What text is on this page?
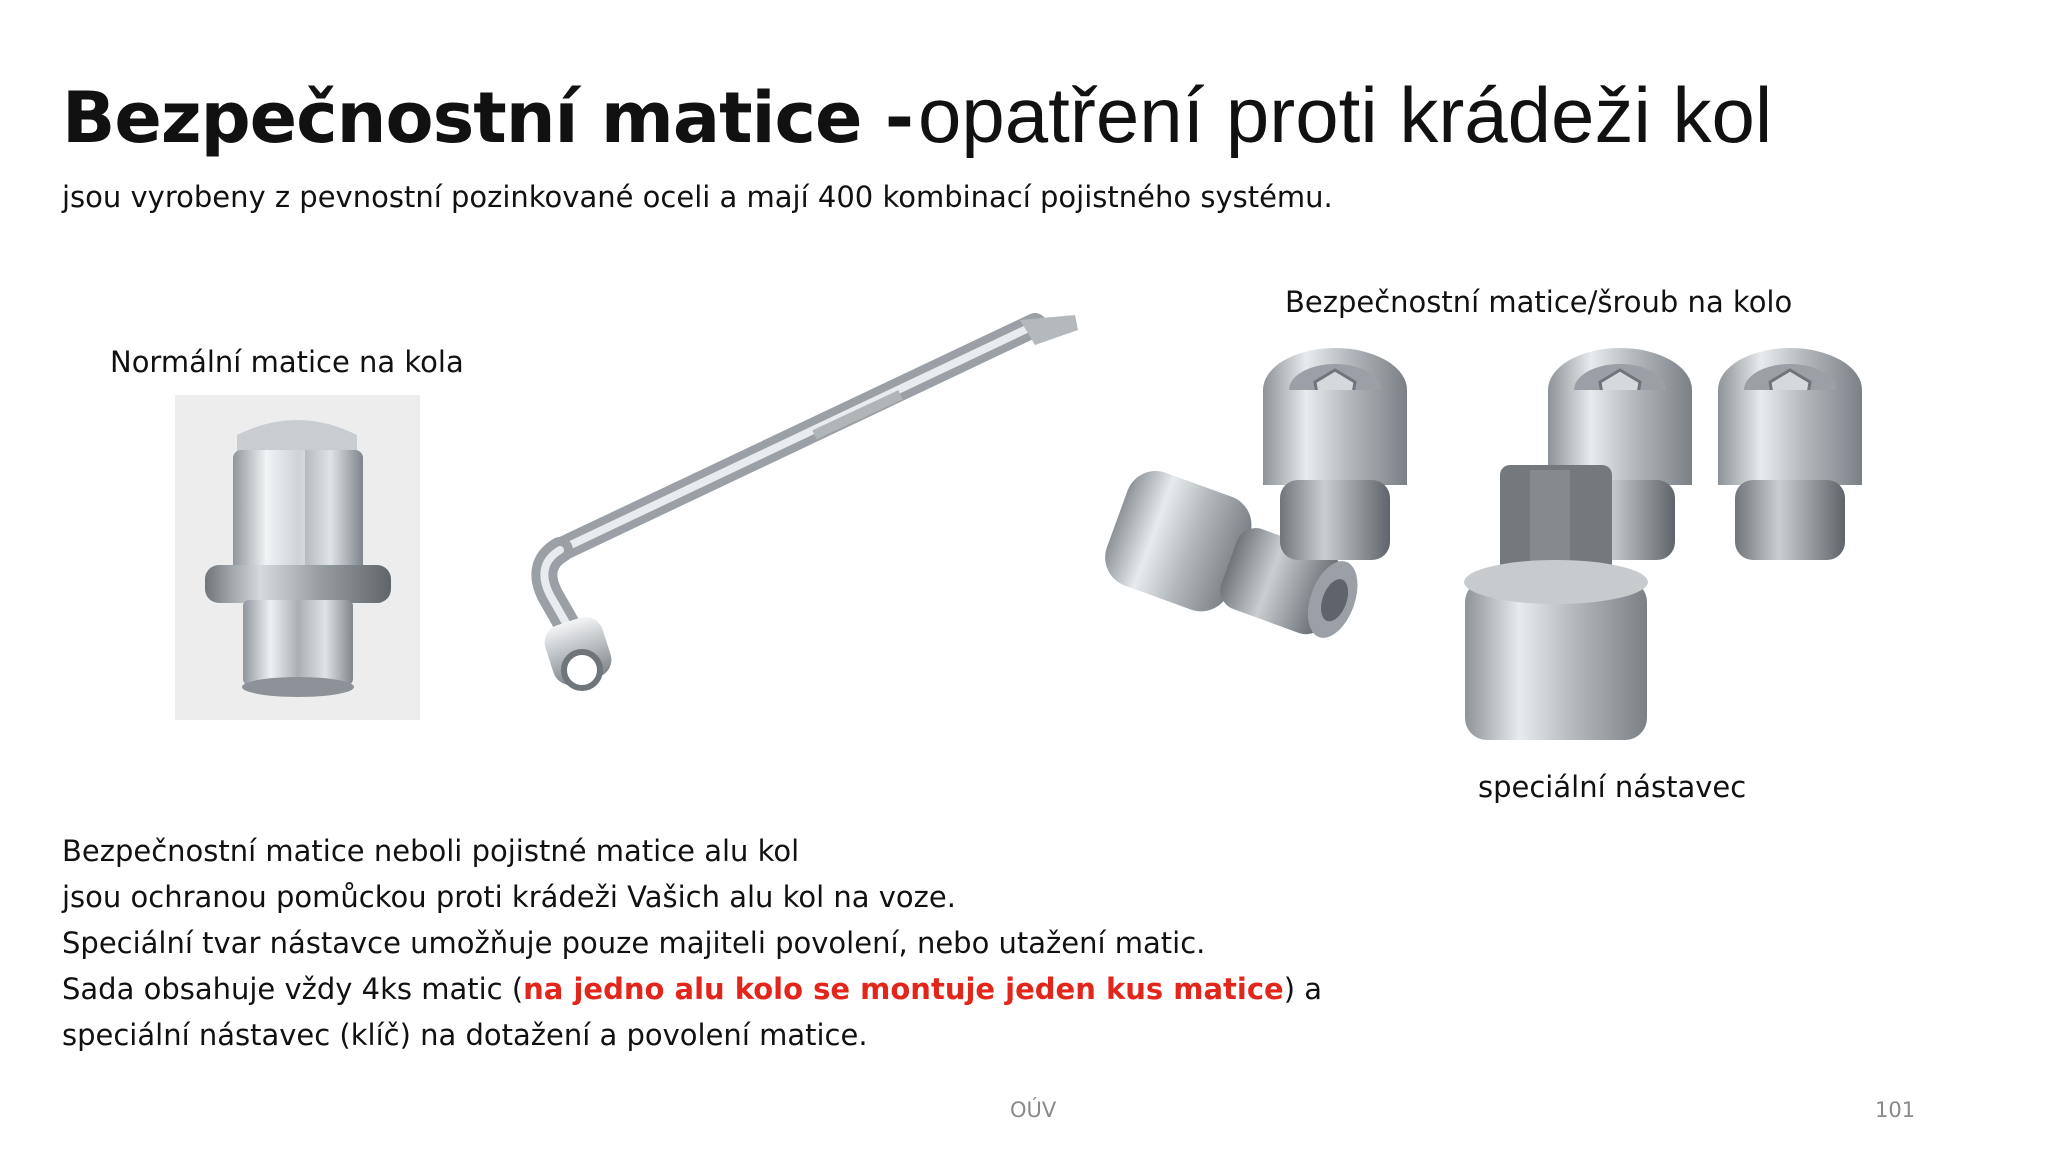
Bezpečnostní matice - opatření proti krádeži kol
jsou vyrobeny z pevnostní pozinkované oceli a mají 400 kombinací pojistného systému.
Normální matice na kola
Bezpečnostní matice/šroub na kolo
speciální nástavec
Bezpečnostní matice neboli pojistné matice alu kol
jsou ochranou pomůckou proti krádeži Vašich alu kol na voze.
Speciální tvar nástavce umožňuje pouze majiteli povolení, nebo utažení matic.
Sada obsahuje vždy 4ks matic (na jedno alu kolo se montuje jeden kus matice) a
speciální nástavec (klíč) na dotažení a povolení matice.
OÚV	101
